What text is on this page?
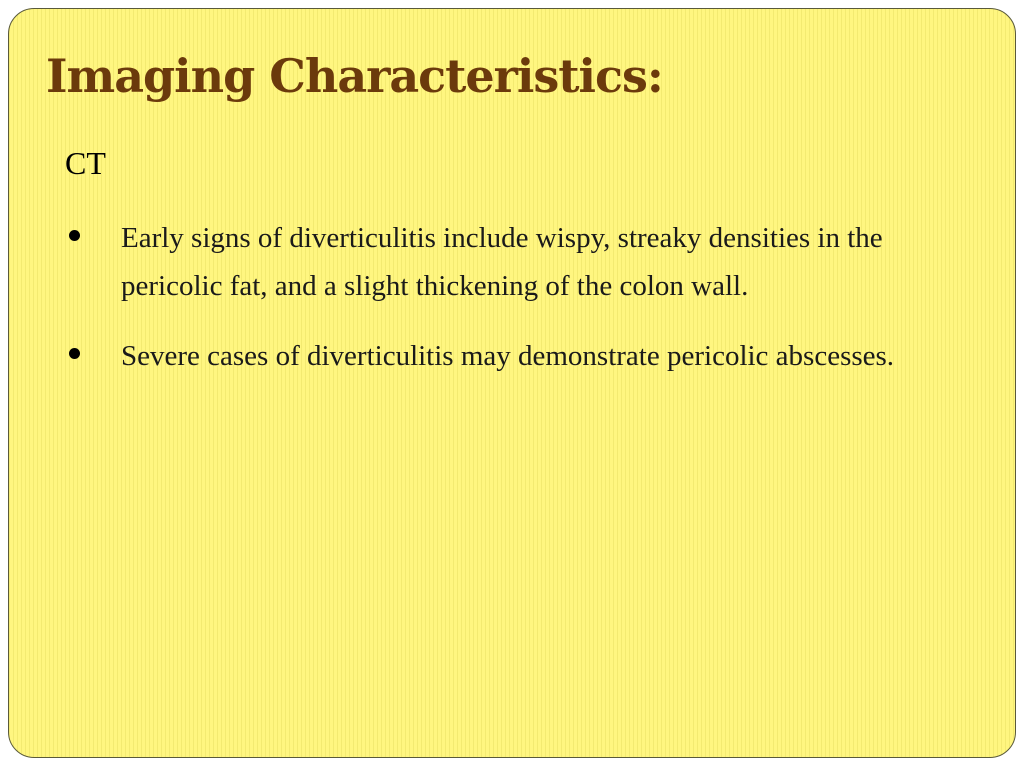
Imaging Characteristics:
CT
Early signs of diverticulitis include wispy, streaky densities in the pericolic fat, and a slight thickening of the colon wall.
Severe cases of diverticulitis may demonstrate pericolic abscesses.
